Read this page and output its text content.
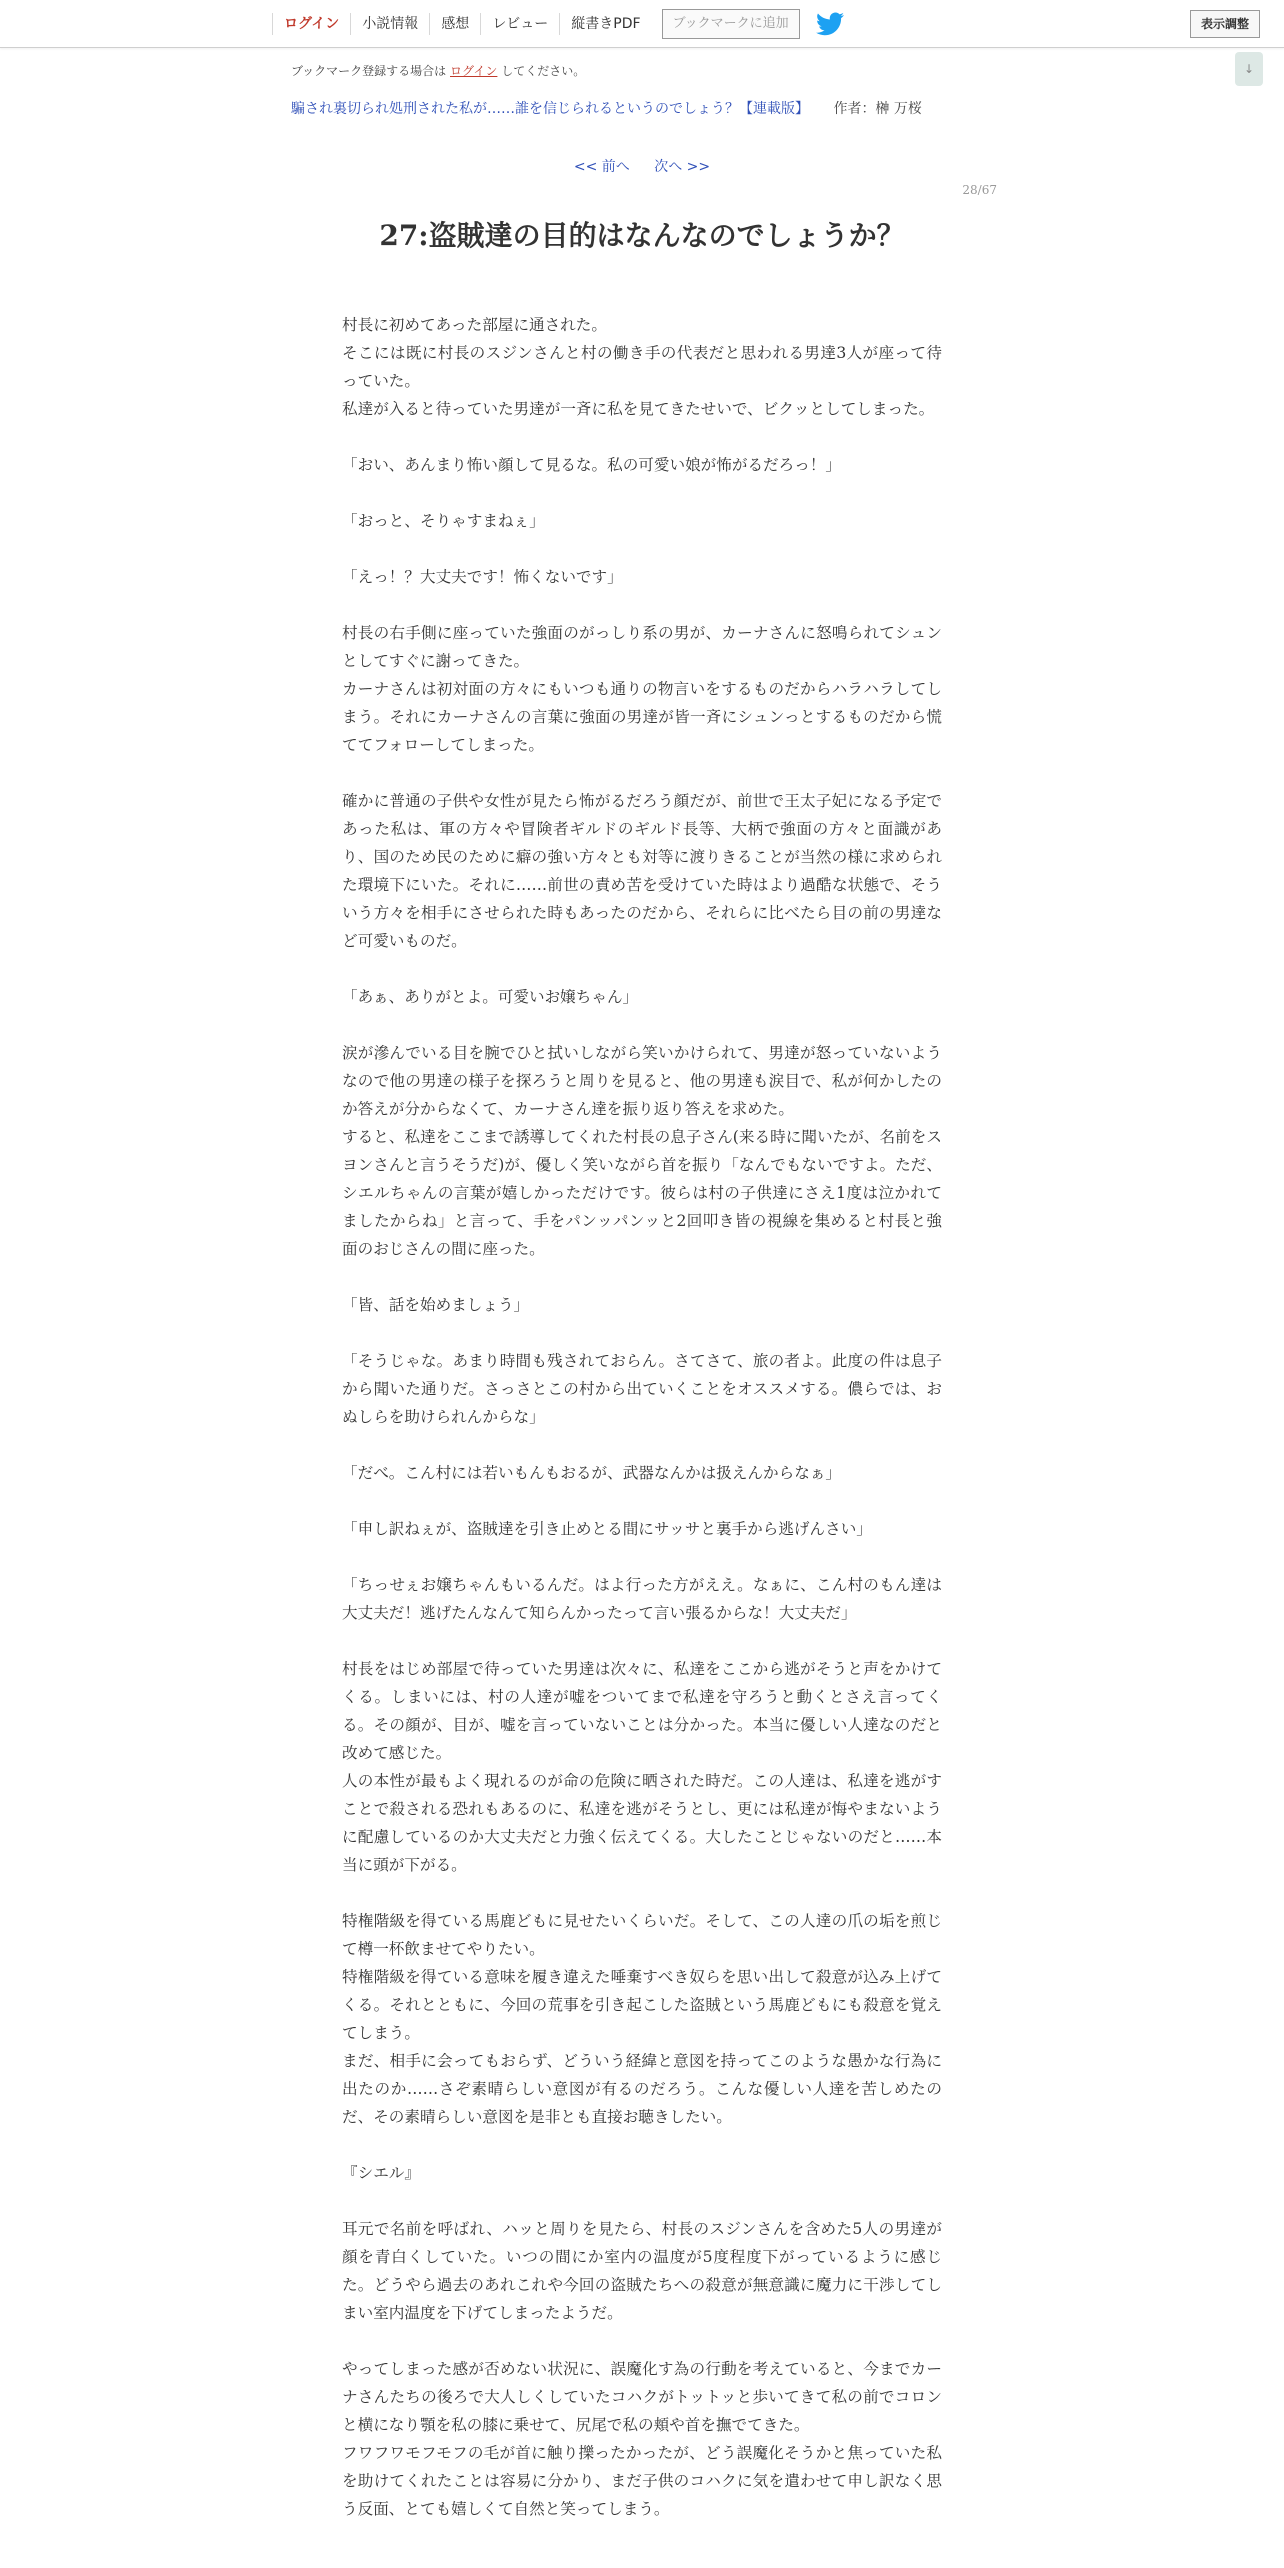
ログイン	小説情報	感想	レビュー	縦書きPDF	ブックマークに追加	表示調整
↓
ブックマーク登録する場合は ログイン してください。
騙され裏切られ処刑された私が……誰を信じられるというのでしょう？【連載版】 作者：榊 万桜
<< 前へ 次へ >>
28/67
27:盗賊達の目的はなんなのでしょうか？

村長に初めてあった部屋に通された。

そこには既に村長のスジンさんと村の働き手の代表だと思われる男達3人が座って待っていた。

私達が入ると待っていた男達が一斉に私を見てきたせいで、ビクッとしてしまった。

「おい、あんまり怖い顔して見るな。私の可愛い娘が怖がるだろっ！」

「おっと、そりゃすまねぇ」

「えっ！？大丈夫です！怖くないです」

村長の右手側に座っていた強面のがっしり系の男が、カーナさんに怒鳴られてシュンとしてすぐに謝ってきた。

カーナさんは初対面の方々にもいつも通りの物言いをするものだからハラハラしてしまう。それにカーナさんの言葉に強面の男達が皆一斉にシュンっとするものだから慌ててフォローしてしまった。

確かに普通の子供や女性が見たら怖がるだろう顔だが、前世で王太子妃になる予定であった私は、軍の方々や冒険者ギルドのギルド長等、大柄で強面の方々と面識があり、国のため民のために癖の強い方々とも対等に渡りきることが当然の様に求められた環境下にいた。それに……前世の責め苦を受けていた時はより過酷な状態で、そういう方々を相手にさせられた時もあったのだから、それらに比べたら目の前の男達など可愛いものだ。

「あぁ、ありがとよ。可愛いお嬢ちゃん」

涙が滲んでいる目を腕でひと拭いしながら笑いかけられて、男達が怒っていないようなので他の男達の様子を探ろうと周りを見ると、他の男達も涙目で、私が何かしたのか答えが分からなくて、カーナさん達を振り返り答えを求めた。

すると、私達をここまで誘導してくれた村長の息子さん(来る時に聞いたが、名前をスヨンさんと言うそうだ)が、優しく笑いながら首を振り「なんでもないですよ。ただ、シエルちゃんの言葉が嬉しかっただけです。彼らは村の子供達にさえ1度は泣かれてましたからね」と言って、手をパンッパンッと2回叩き皆の視線を集めると村長と強面のおじさんの間に座った。

「皆、話を始めましょう」

「そうじゃな。あまり時間も残されておらん。さてさて、旅の者よ。此度の件は息子から聞いた通りだ。さっさとこの村から出ていくことをオススメする。儂らでは、おぬしらを助けられんからな」

「だべ。こん村には若いもんもおるが、武器なんかは扱えんからなぁ」

「申し訳ねぇが、盗賊達を引き止めとる間にサッサと裏手から逃げんさい」

「ちっせぇお嬢ちゃんもいるんだ。はよ行った方がええ。なぁに、こん村のもん達は大丈夫だ！逃げたんなんて知らんかったって言い張るからな！大丈夫だ」

村長をはじめ部屋で待っていた男達は次々に、私達をここから逃がそうと声をかけてくる。しまいには、村の人達が嘘をついてまで私達を守ろうと動くとさえ言ってくる。その顔が、目が、嘘を言っていないことは分かった。本当に優しい人達なのだと改めて感じた。

人の本性が最もよく現れるのが命の危険に晒された時だ。この人達は、私達を逃がすことで殺される恐れもあるのに、私達を逃がそうとし、更には私達が悔やまないように配慮しているのか大丈夫だと力強く伝えてくる。大したことじゃないのだと……本当に頭が下がる。

特権階級を得ている馬鹿どもに見せたいくらいだ。そして、この人達の爪の垢を煎じて樽一杯飲ませてやりたい。

特権階級を得ている意味を履き違えた唾棄すべき奴らを思い出して殺意が込み上げてくる。それとともに、今回の荒事を引き起こした盗賊という馬鹿どもにも殺意を覚えてしまう。

まだ、相手に会ってもおらず、どういう経緯と意図を持ってこのような愚かな行為に出たのか……さぞ素晴らしい意図が有るのだろう。こんな優しい人達を苦しめたのだ、その素晴らしい意図を是非とも直接お聴きしたい。

『シエル』

耳元で名前を呼ばれ、ハッと周りを見たら、村長のスジンさんを含めた5人の男達が顔を青白くしていた。いつの間にか室内の温度が5度程度下がっているように感じた。どうやら過去のあれこれや今回の盗賊たちへの殺意が無意識に魔力に干渉してしまい室内温度を下げてしまったようだ。

やってしまった感が否めない状況に、誤魔化す為の行動を考えていると、今までカーナさんたちの後ろで大人しくしていたコハクがトットッと歩いてきて私の前でコロンと横になり顎を私の膝に乗せて、尻尾で私の頬や首を撫でてきた。

フワフワモフモフの毛が首に触り擽ったかったが、どう誤魔化そうかと焦っていた私を助けてくれたことは容易に分かり、まだ子供のコハクに気を遣わせて申し訳なく思う反面、とても嬉しくて自然と笑ってしまう。
